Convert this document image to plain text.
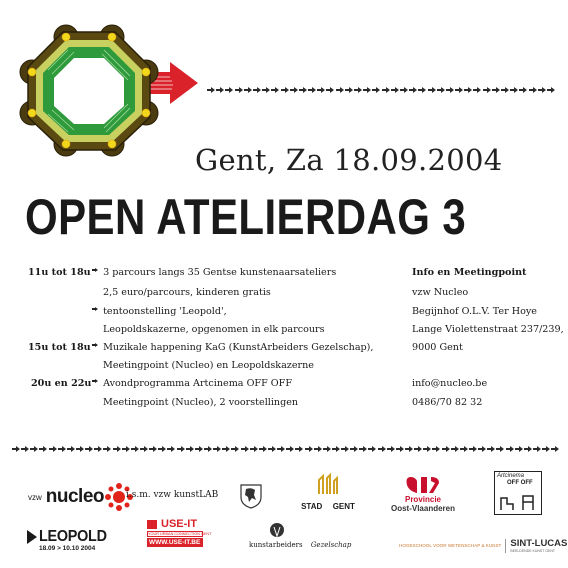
Gent, Za 18.09.2004
OPEN ATELIERDAG 3
11u tot 18u	3 parcours langs 35 Gentse kunstenaarsateliers
2,5 euro/parcours, kinderen gratis
tentoonstelling 'Leopold',
Leopoldskazerne, opgenomen in elk parcours
15u tot 18u	Muzikale happening KaG (KunstArbeiders Gezelschap),
Meetingpoint (Nucleo) en Leopoldskazerne
20u en 22u	Avondprogramma Artcinema OFF OFF
Meetingpoint (Nucleo), 2 voorstellingen
Info en Meetingpoint
vzw Nucleo
Begijnhof O.L.V. Ter Hoye
Lange Violettenstraat 237/239,
9000 Gent
info@nucleo.be
0486/70 82 32
vzw nucleo i.s.m. vzw kunstLAB
STAD GENT
Provincie
Oost-Vlaanderen
Artcinema
OFF OFF
LEOPOLD
18.09 > 10.10 2004
USE-IT
YOUR URBAN CONNECTION GENT
WWW.USE-IT.BE	kunstarbeiders Gezelschap	HOGESCHOOL VOOR WETENSCHAP & KUNST SINT-LUCAS
BEELDENDE KUNST GENT
